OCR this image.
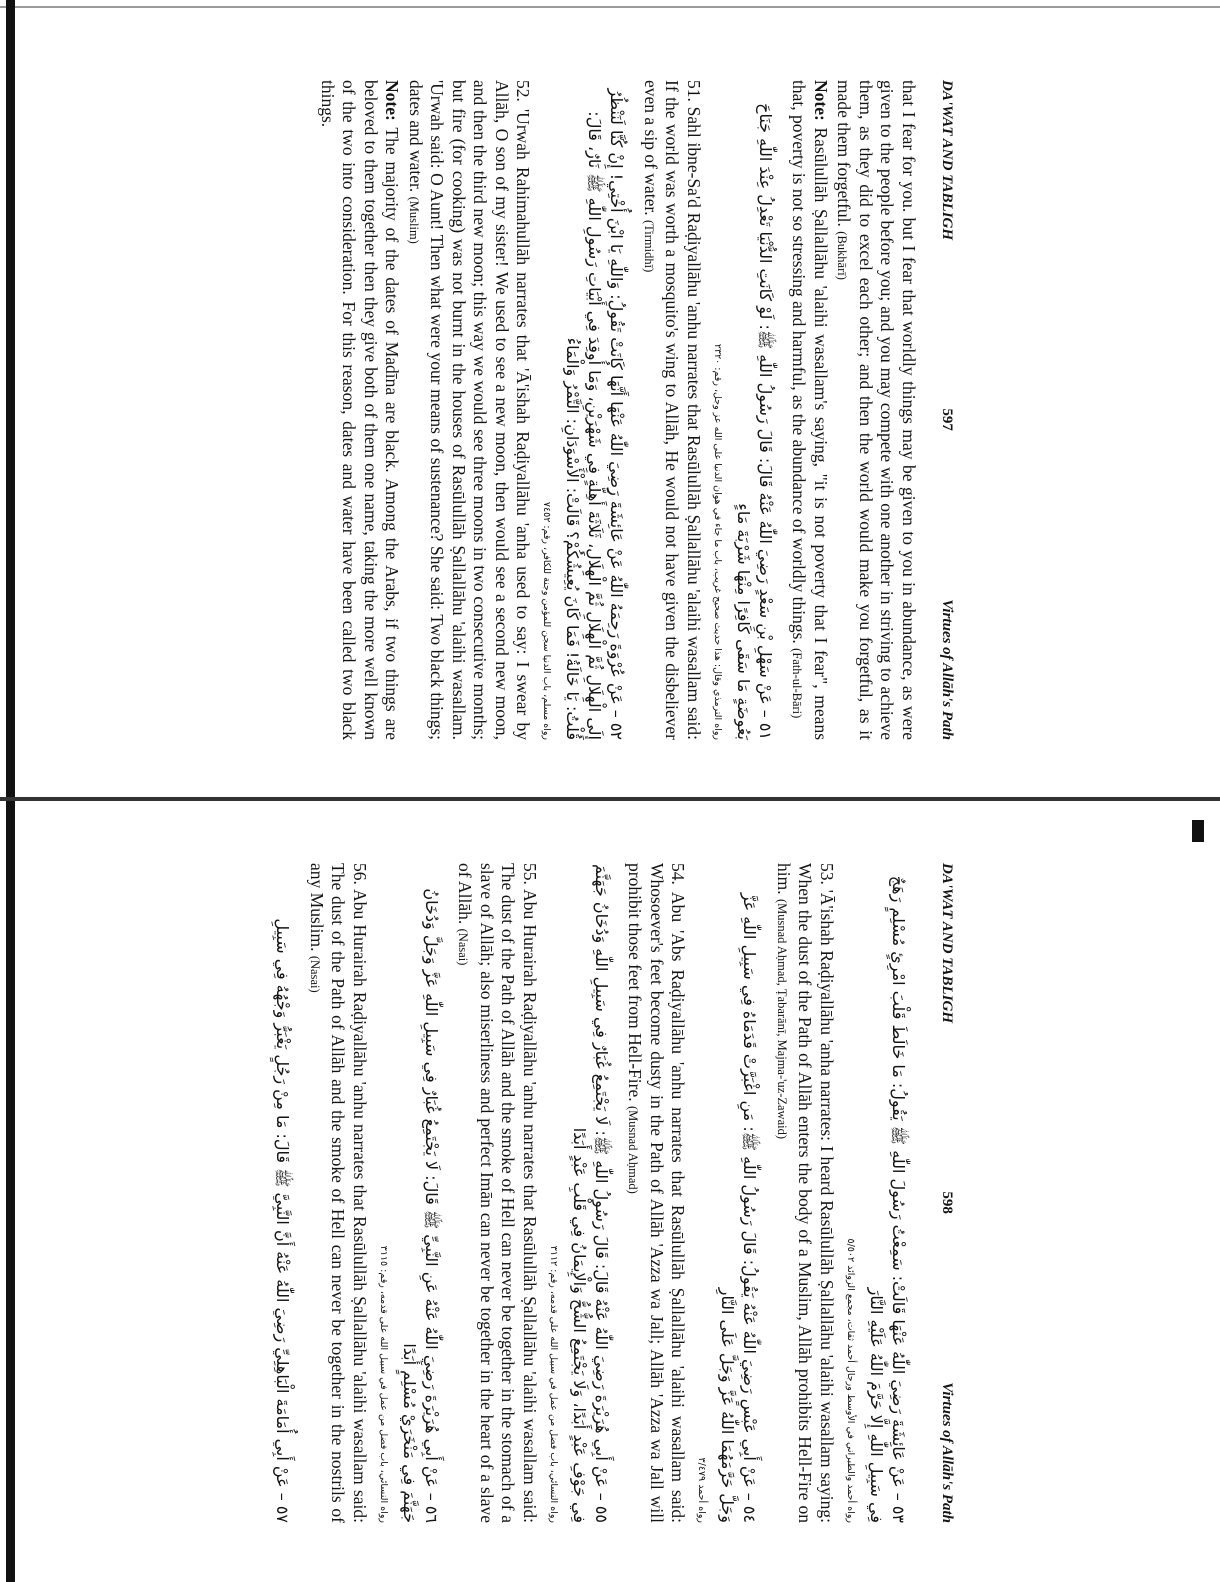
DA'WAT AND TABLIGH
597
Virtues of Allāh's Path

that I fear for you. but I fear that worldly things may be given to you in abundance, as were given to the people before you; and you may compete with one another in striving to achieve them, as they did to excel each other; and then the world would make you forgetful, as it made them forgetful. (Bukhārī)

Note: Rasūlullāh Ṣallallāhu 'alaihi wasallam's saying, "it is not poverty that I fear", means that, poverty is not so stressing and harmful, as the abundance of worldly things. (Fath-ul-Bāri)

٥١ – عَنْ سَهْلِ بْنِ سَعْدٍ رَضِيَ اللّٰهُ عَنْهُ قَالَ: قَالَ رَسُولُ اللّٰهِ ﷺ: لَوْ كَانَتِ الدُّنْيَا تَعْدِلُ عِنْدَ اللّٰهِ جَنَاحَ بَعُوضَةٍ مَا سَقَى كَافِرًا مِنْهَا شَرْبَةَ مَاءٍ

رواه الترمذي وقال: هذا حديث صحيح غريب، باب ما جاء في هوان الدنيا على الله عز وجل، رقم: ٢٣٢٠

51. Sahl ibne-Sa'd Raḍiyallāhu 'anhu narrates that Rasūlullāh Ṣallallāhu 'alaihi wasallam said: If the world was worth a mosquito's wing to Allāh, He would not have given the disbeliever even a sip of water. (Tirmidhī)

٥٢ – عَنْ عُرْوَةَ رَحِمَهُ اللّٰهُ عَنْ عَائِشَةَ رَضِيَ اللّٰهُ عَنْهَا أَنَّهَا كَانَتْ تَقُولُ: وَاللّٰهِ يَا ابْنَ أُخْتِي! إِنْ كُنَّا لَنَنْظُرُ إِلَى الْهِلَالِ ثُمَّ الْهِلَالِ ثُمَّ الْهِلَالِ، ثَلَاثَةَ أَهِلَّةٍ فِي شَهْرَيْنِ، وَمَا أُوقِدَ فِي أَبْيَاتِ رَسُولِ اللّٰهِ ﷺ نَارٌ، قَالَ: قُلْتُ: يَا خَالَةُ! فَمَا كَانَ يُعِيشُكُمْ؟ قَالَتْ: الْأَسْوَدَانِ: التَّمْرُ وَالْمَاءُ

رواه مسلم، باب الدنيا سجن للمؤمن وجنة للكافر، رقم: ٧٤٥٢

52. 'Urwah Rahimahullāh narrates that 'Ā'ishah Raḍiyallāhu 'anha used to say: I swear by Allāh, O son of my sister! We used to see a new moon, then would see a second new moon, and then the third new moon; this way we would see three moons in two consecutive months; but fire (for cooking) was not burnt in the houses of Rasūlullāh Ṣallallāhu 'alaihi wasallam. 'Urwah said: O Aunt! Then what were your means of sustenance? She said: Two black things; dates and water. (Muslim)

Note: The majority of the dates of Madīna are black. Among the Arabs, if two things are beloved to them together then they give both of them one name, taking the more well known of the two into consideration. For this reason, dates and water have been called two black things.

DA'WAT AND TABLIGH
598
Virtues of Allāh's Path

٥٣ – عَنْ عَائِشَةَ رَضِيَ اللّٰهُ عَنْهَا قَالَتْ: سَمِعْتُ رَسُولَ اللّٰهِ ﷺ يَقُولُ: مَا خَالَطَ قَلْبَ امْرِئٍ مُسْلِمٍ رَهَجٌ فِي سَبِيلِ اللّٰهِ إِلَّا حَرَّمَ اللّٰهُ عَلَيْهِ النَّارَ

رواه أحمد والطبراني في الأوسط ورجال أحمد ثقات، مجمع الزوائد ٥/٥٠٢

53. 'Ā'ishah Raḍiyallāhu 'anha narrates: I heard Rasūlullāh Ṣallallāhu 'alaihi wasallam saying: When the dust of the Path of Allāh enters the body of a Muslim, Allāh prohibits Hell-Fire on him. (Musnad Aḥmad, Ṭabarānī, Majma-'uz-Zawaid)

٥٤ – عَنْ أَبِي عَبْسٍ رَضِيَ اللّٰهُ عَنْهُ يَقُولُ: قَالَ رَسُولُ اللّٰهِ ﷺ: مَنِ اغْبَرَّتْ قَدَمَاهُ فِي سَبِيلِ اللّٰهِ عَزَّ وَجَلَّ حَرَّمَهُمَا اللّٰهُ عَزَّ وَجَلَّ عَلَى النَّارِ

رواه أحمد ٣/٤٧٩

54. Abu 'Abs Raḍiyallāhu 'anhu narrates that Rasūlullāh Ṣallallāhu 'alaihi wasallam said: Whosoever's feet become dusty in the Path of Allāh 'Azza wa Jall; Allāh 'Azza wa Jall will prohibit those feet from Hell-Fire. (Musnad Aḥmad)

٥٥ – عَنْ أَبِي هُرَيْرَةَ رَضِيَ اللّٰهُ عَنْهُ قَالَ: قَالَ رَسُولُ اللّٰهِ ﷺ: لَا يَجْتَمِعُ غُبَارٌ فِي سَبِيلِ اللّٰهِ وَدُخَانُ جَهَنَّمَ فِي جَوْفِ عَبْدٍ أَبَدًا، وَلَا يَجْتَمِعُ الشُّحُّ وَالْإِيمَانُ فِي قَلْبِ عَبْدٍ أَبَدًا

رواه النسائي، باب فضل من عمل في سبيل الله على قدمه، رقم: ٣١١٢

55. Abu Hurairah Raḍiyallāhu 'anhu narrates that Rasūlullāh Ṣallallāhu 'alaihi wasallam said: The dust of the Path of Allāh and the smoke of Hell can never be together in the stomach of a slave of Allāh; also miserliness and perfect Imān can never be together in the heart of a slave of Allāh. (Nasai)

٥٦ – عَنْ أَبِي هُرَيْرَةَ رَضِيَ اللّٰهُ عَنْهُ عَنِ النَّبِيِّ ﷺ قَالَ: لَا يَجْتَمِعُ غُبَارٌ فِي سَبِيلِ اللّٰهِ عَزَّ وَجَلَّ وَدُخَانُ جَهَنَّمَ فِي مَنْخَرَيْ مُسْلِمٍ أَبَدًا

رواه النسائي، باب فضل من عمل في سبيل الله على قدمه، رقم: ٣١١٥

56. Abu Hurairah Raḍiyallāhu 'anhu narrates that Rasūlullāh Ṣallallāhu 'alaihi wasallam said: The dust of the Path of Allāh and the smoke of Hell can never be together in the nostrils of any Muslim. (Nasai)

٥٧ – عَنْ أَبِي أُمَامَةَ الْبَاهِلِيِّ رَضِيَ اللّٰهُ عَنْهُ أَنَّ النَّبِيَّ ﷺ قَالَ: مَا مِنْ رَجُلٍ يَغْبَرُّ وَجْهُهُ فِي سَبِيلِ
